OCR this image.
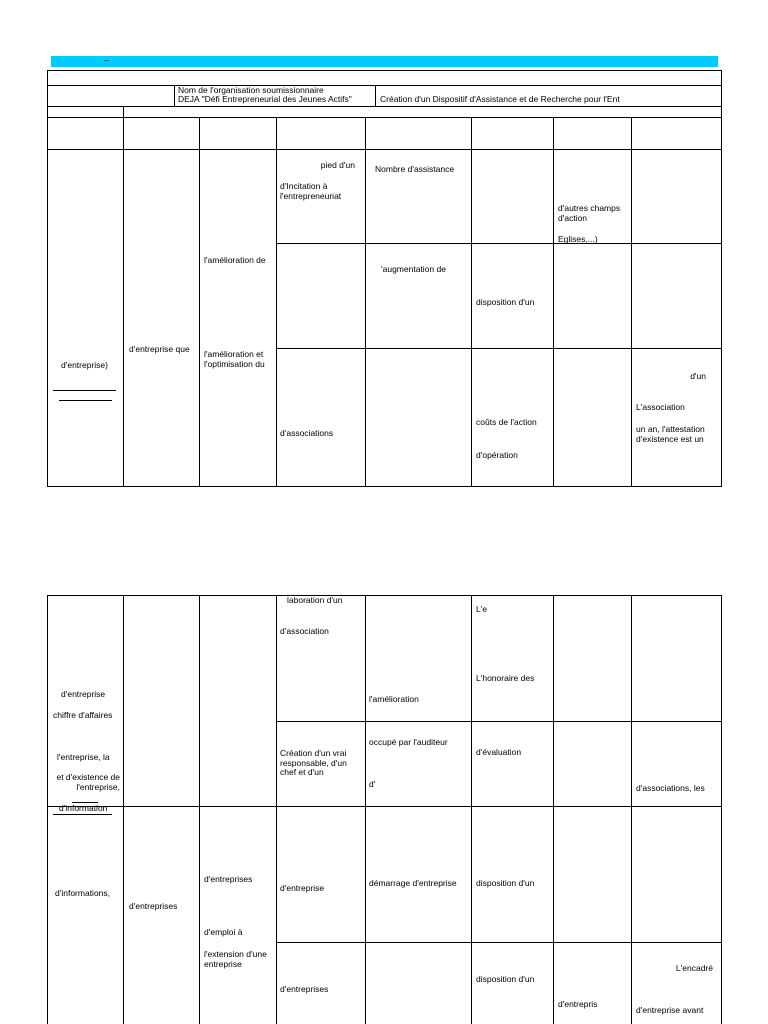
–
Nom de l'organisation soumissionnaire
DEJA "Défi Entrepreneurial des Jeunes Actifs"	Création d'un Dispositif d'Assistance et de Recherche pour l'Ent
d'entreprise)
d'entreprise que
l'amélioration de
l'amélioration et l'optimisation du
pied d'un
d'Incitation à l'entrepreneuriat
d'associations
Nombre d'assistance
'augmentation de
disposition d'un
coûts de l'action
d'opération
d'autres champs d'action
Eglises,...)
d'un
L'association
un an, l'attestation d'existence est un
d'entreprise
chiffre d'affaires
l'entreprise, la
et d'existence de l'entreprise,
d'information
d'informations,
d'entreprises
d'entreprises
d'emploi à
l'extension d'une entreprise
laboration d'un
d'association
Création d'un vrai responsable, d'un chef et d'un
d'entreprise
d'entreprises
l'amélioration
occupé par l'auditeur
d'
démarrage d'entreprise
L'e
L'honoraire des
d'évaluation
disposition d'un
disposition d'un
d'entrepris
d'associations, les
L'encadré
d'entreprise avant
